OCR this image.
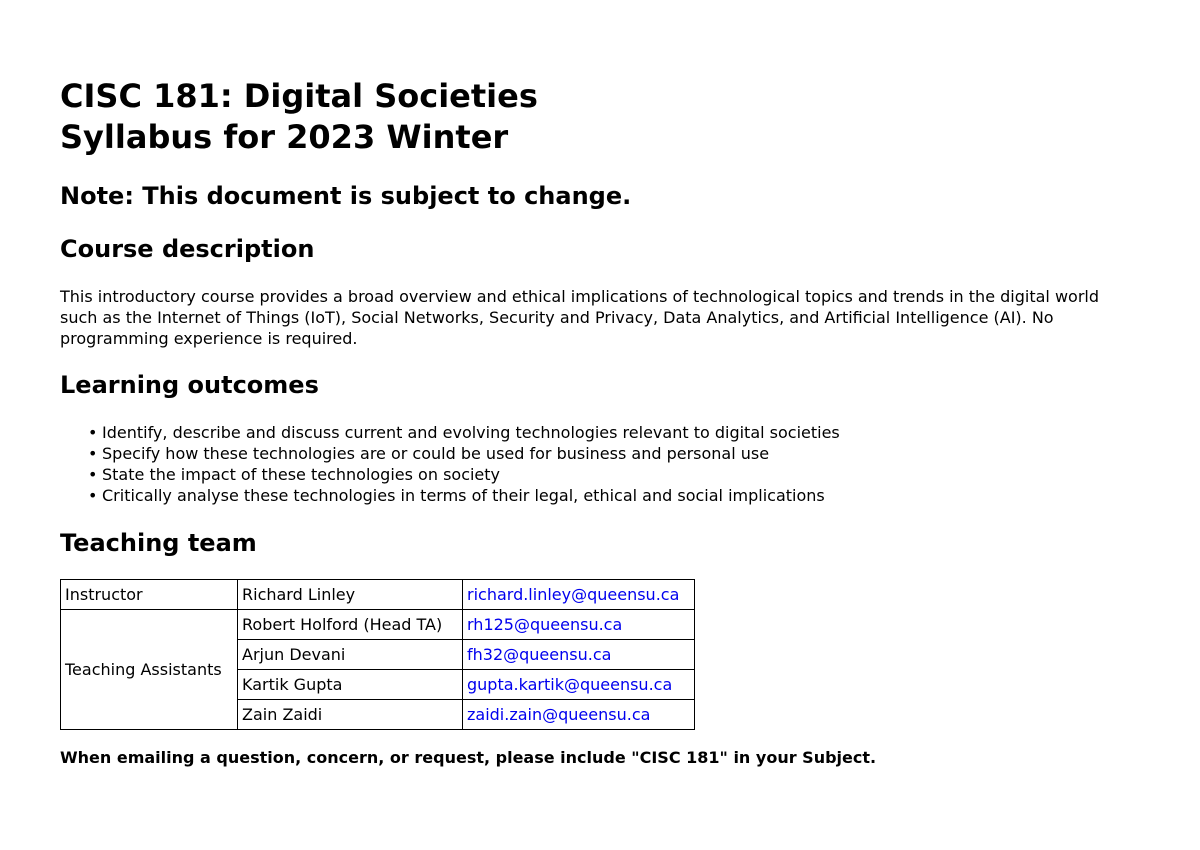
CISC 181: Digital Societies
Syllabus for 2023 Winter
Note: This document is subject to change.
Course description

This introductory course provides a broad overview and ethical implications of technological topics and trends in the digital world such as the Internet of Things (IoT), Social Networks, Security and Privacy, Data Analytics, and Artificial Intelligence (AI). No programming experience is required.

Learning outcomes
• Identify, describe and discuss current and evolving technologies relevant to digital societies
• Specify how these technologies are or could be used for business and personal use
• State the impact of these technologies on society
• Critically analyse these technologies in terms of their legal, ethical and social implications
Teaching team
Instructor	Richard Linley	richard.linley@queensu.ca
Teaching Assistants	Robert Holford (Head TA)	rh125@queensu.ca
	Arjun Devani	fh32@queensu.ca
	Kartik Gupta	gupta.kartik@queensu.ca
	Zain Zaidi	zaidi.zain@queensu.ca

When emailing a question, concern, or request, please include "CISC 181" in your Subject.
